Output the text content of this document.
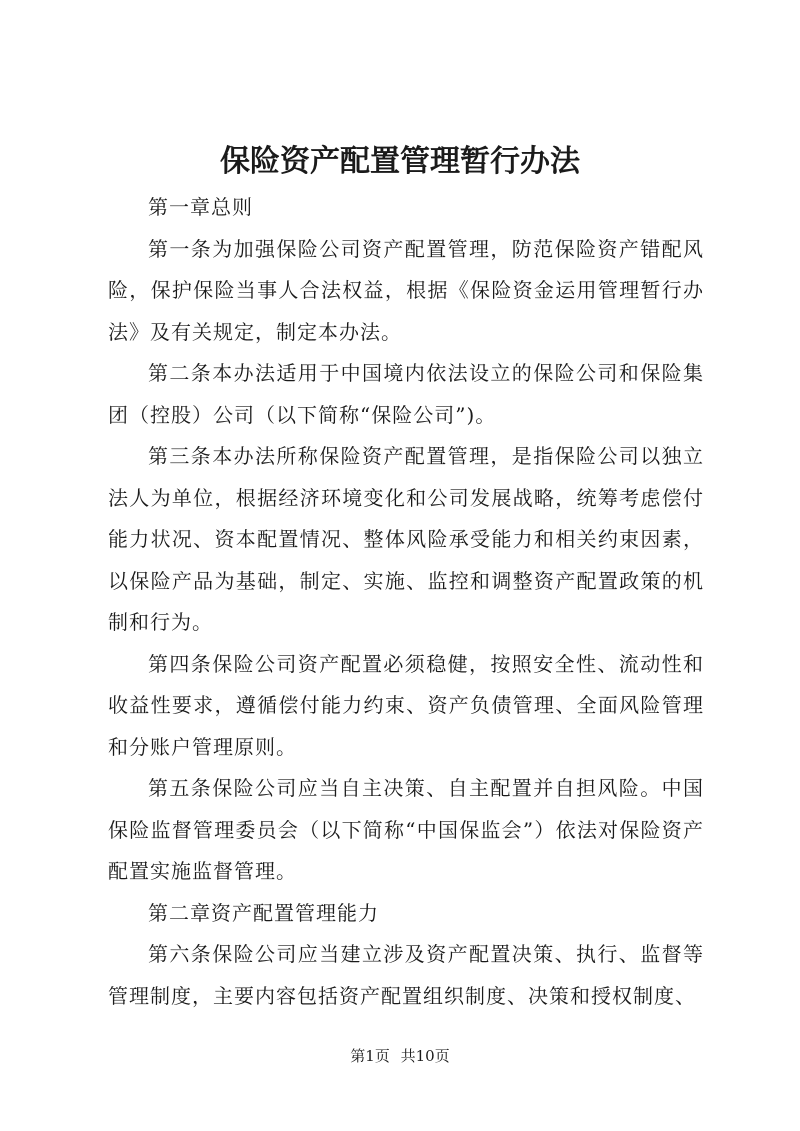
保险资产配置管理暂行办法

第一章总则

第一条为加强保险公司资产配置管理，防范保险资产错配风险，保护保险当事人合法权益，根据《保险资金运用管理暂行办法》及有关规定，制定本办法。

第二条本办法适用于中国境内依法设立的保险公司和保险集团（控股）公司（以下简称“保险公司”)。

第三条本办法所称保险资产配置管理，是指保险公司以独立法人为单位，根据经济环境变化和公司发展战略，统筹考虑偿付能力状况、资本配置情况、整体风险承受能力和相关约束因素，以保险产品为基础，制定、实施、监控和调整资产配置政策的机制和行为。

第四条保险公司资产配置必须稳健，按照安全性、流动性和收益性要求，遵循偿付能力约束、资产负债管理、全面风险管理和分账户管理原则。

第五条保险公司应当自主决策、自主配置并自担风险。中国保险监督管理委员会（以下简称“中国保监会”）依法对保险资产配置实施监督管理。

第二章资产配置管理能力

第六条保险公司应当建立涉及资产配置决策、执行、监督等管理制度，主要内容包括资产配置组织制度、决策和授权制度、

第1页 共10页
